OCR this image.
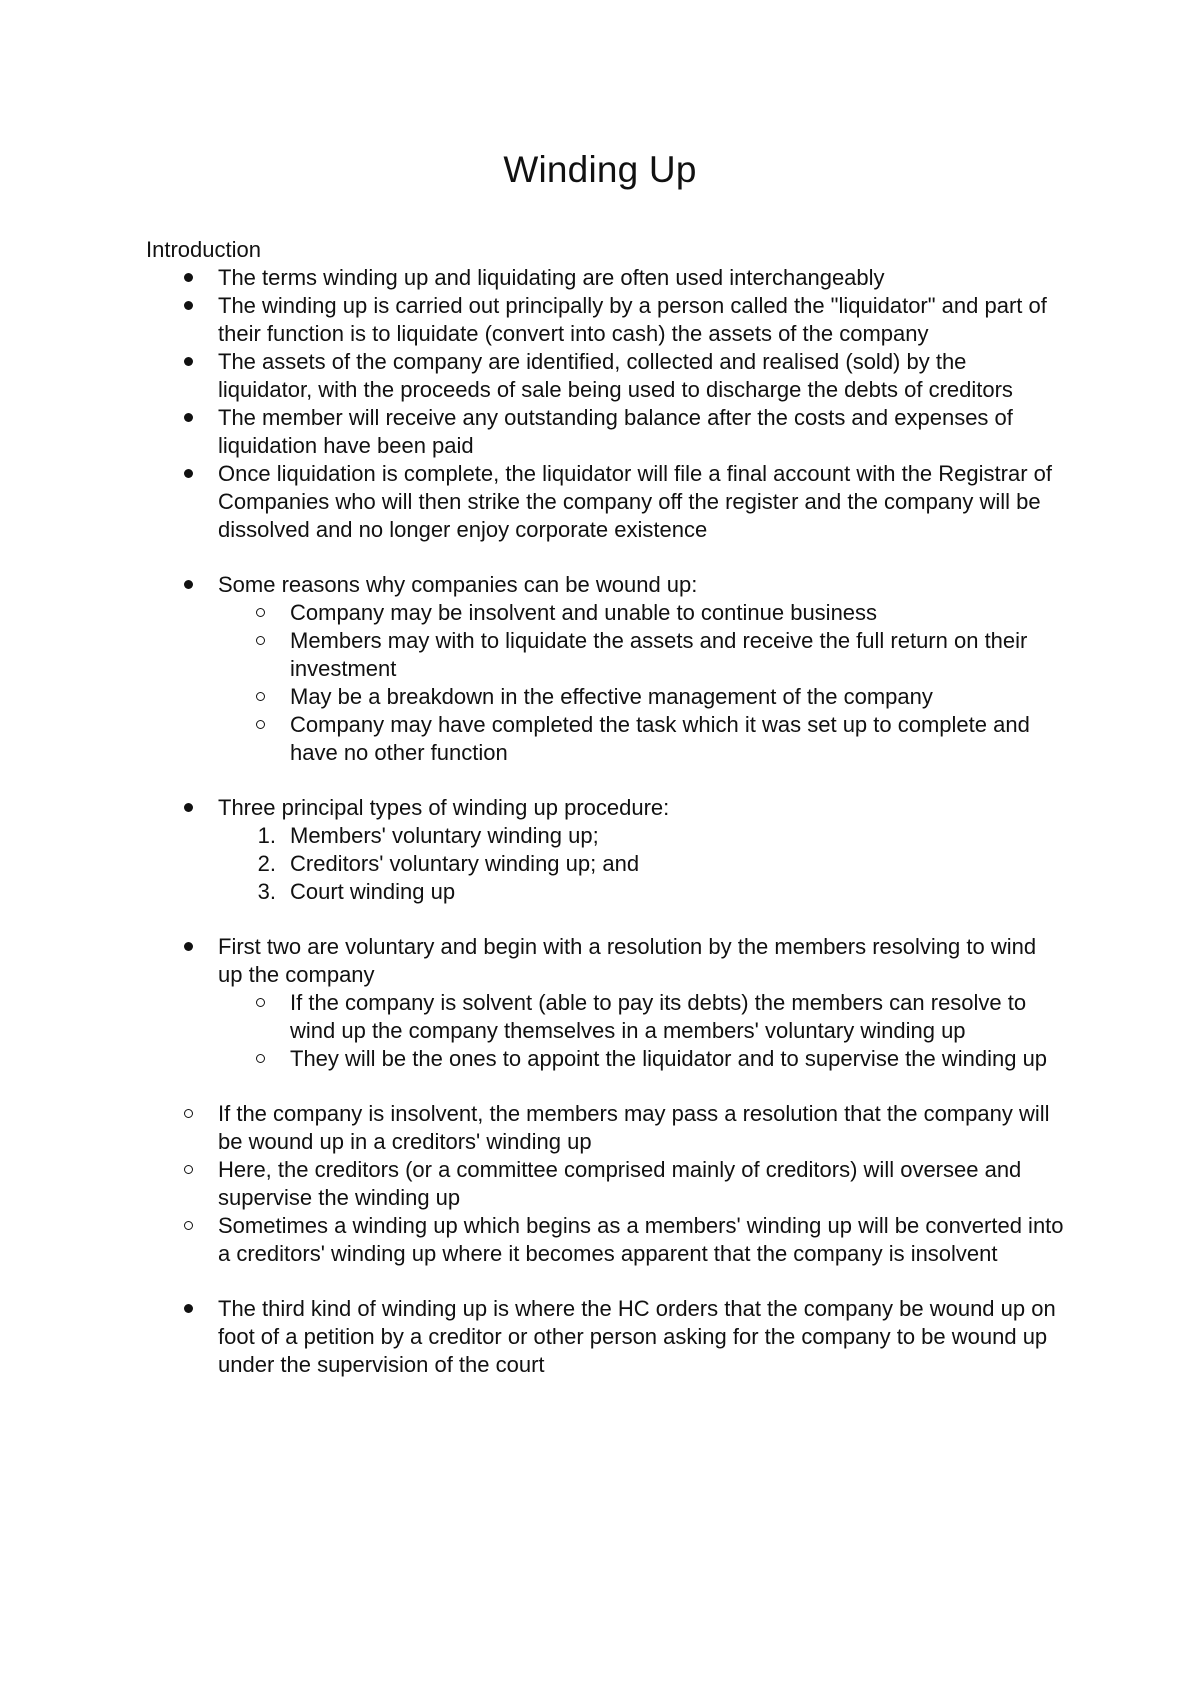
Winding Up

Introduction

The terms winding up and liquidating are often used interchangeably
The winding up is carried out principally by a person called the "liquidator" and part of their function is to liquidate (convert into cash) the assets of the company
The assets of the company are identified, collected and realised (sold) by the liquidator, with the proceeds of sale being used to discharge the debts of creditors
The member will receive any outstanding balance after the costs and expenses of liquidation have been paid
Once liquidation is complete, the liquidator will file a final account with the Registrar of Companies who will then strike the company off the register and the company will be dissolved and no longer enjoy corporate existence
Some reasons why companies can be wound up:
Company may be insolvent and unable to continue business
Members may with to liquidate the assets and receive the full return on their investment
May be a breakdown in the effective management of the company
Company may have completed the task which it was set up to complete and have no other function
Three principal types of winding up procedure:
1. Members' voluntary winding up;
2. Creditors' voluntary winding up; and
3. Court winding up
First two are voluntary and begin with a resolution by the members resolving to wind up the company
If the company is solvent (able to pay its debts) the members can resolve to wind up the company themselves in a members' voluntary winding up
They will be the ones to appoint the liquidator and to supervise the winding up
If the company is insolvent, the members may pass a resolution that the company will be wound up in a creditors' winding up
Here, the creditors (or a committee comprised mainly of creditors) will oversee and supervise the winding up
Sometimes a winding up which begins as a members' winding up will be converted into a creditors' winding up where it becomes apparent that the company is insolvent
The third kind of winding up is where the HC orders that the company be wound up on foot of a petition by a creditor or other person asking for the company to be wound up under the supervision of the court
